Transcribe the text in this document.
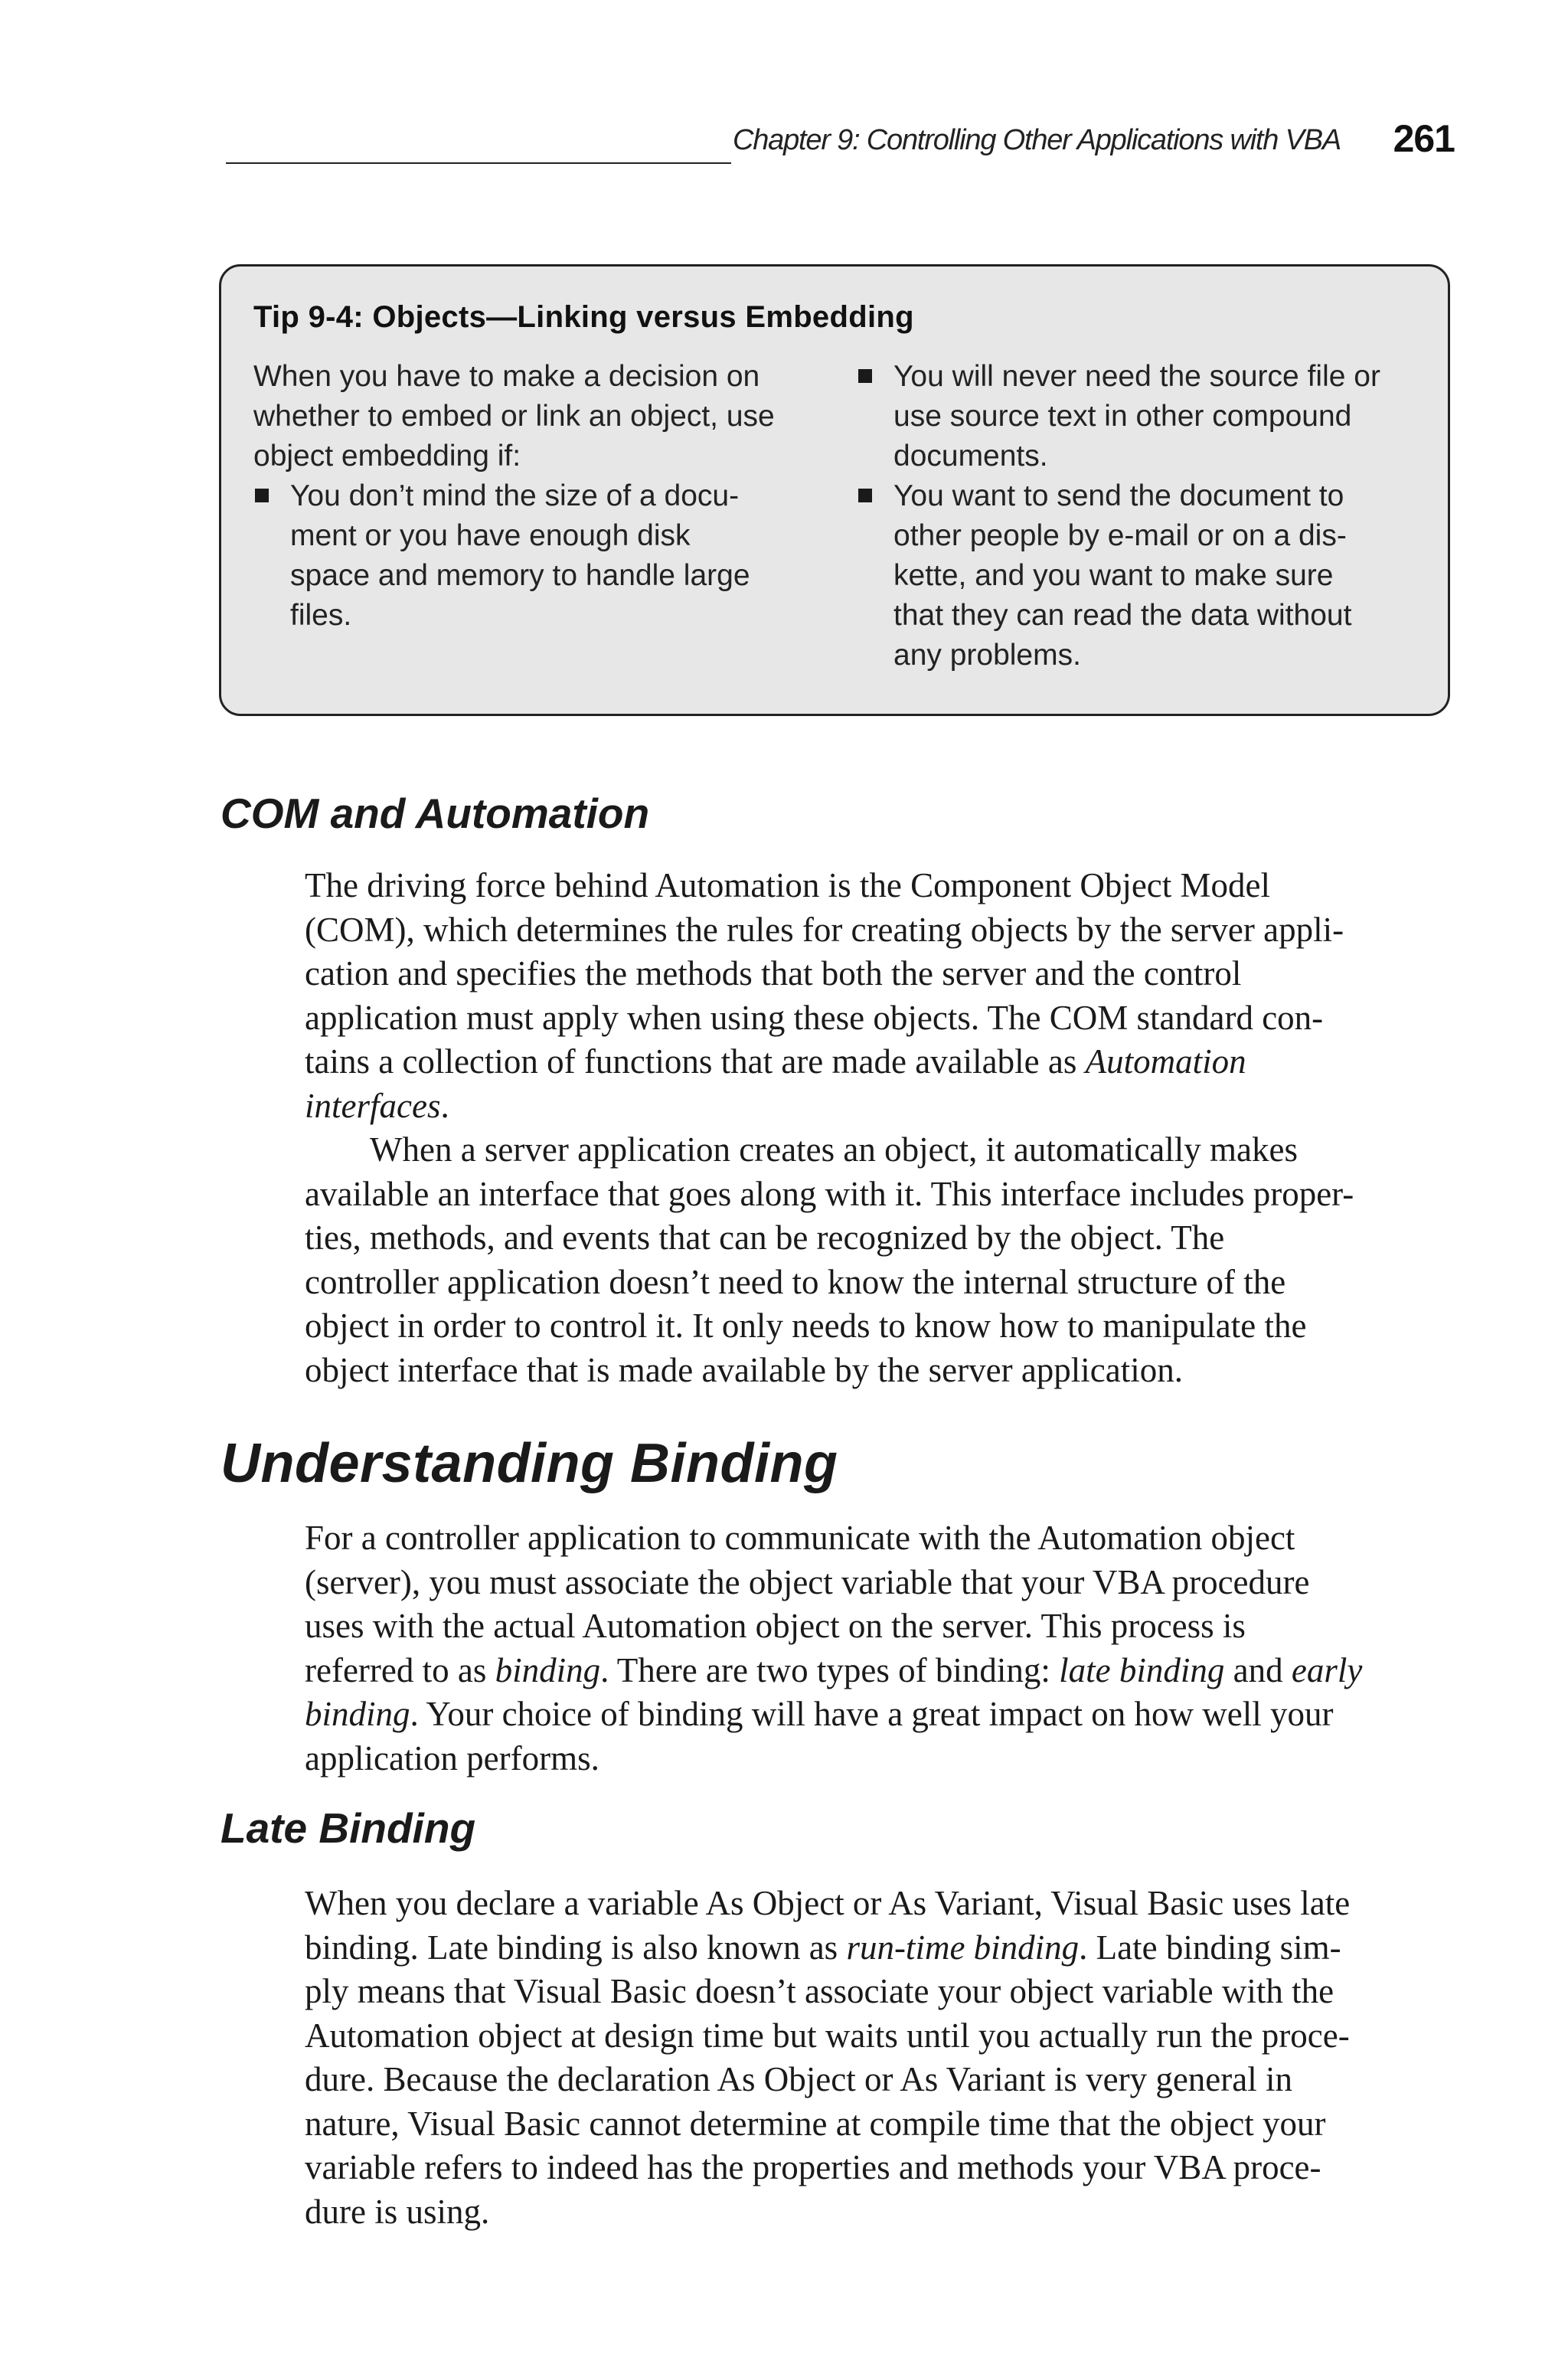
Chapter 9: Controlling Other Applications with VBA 261
Tip 9-4: Objects—Linking versus Embedding

When you have to make a decision on
whether to embed or link an object, use
object embedding if:

You don’t mind the size of a docu-
ment or you have enough disk
space and memory to handle large
files.
You will never need the source file or
use source text in other compound
documents.
You want to send the document to
other people by e-mail or on a dis-
kette, and you want to make sure
that they can read the data without
any problems.
COM and Automation
The driving force behind Automation is the Component Object Model
(COM), which determines the rules for creating objects by the server appli-
cation and specifies the methods that both the server and the control
application must apply when using these objects. The COM standard con-
tains a collection of functions that are made available as Automation
interfaces.
When a server application creates an object, it automatically makes
available an interface that goes along with it. This interface includes proper-
ties, methods, and events that can be recognized by the object. The
controller application doesn’t need to know the internal structure of the
object in order to control it. It only needs to know how to manipulate the
object interface that is made available by the server application.
Understanding Binding
For a controller application to communicate with the Automation object
(server), you must associate the object variable that your VBA procedure
uses with the actual Automation object on the server. This process is
referred to as binding. There are two types of binding: late binding and early
binding. Your choice of binding will have a great impact on how well your
application performs.
Late Binding
When you declare a variable As Object or As Variant, Visual Basic uses late
binding. Late binding is also known as run-time binding. Late binding sim-
ply means that Visual Basic doesn’t associate your object variable with the
Automation object at design time but waits until you actually run the proce-
dure. Because the declaration As Object or As Variant is very general in
nature, Visual Basic cannot determine at compile time that the object your
variable refers to indeed has the properties and methods your VBA proce-
dure is using.
